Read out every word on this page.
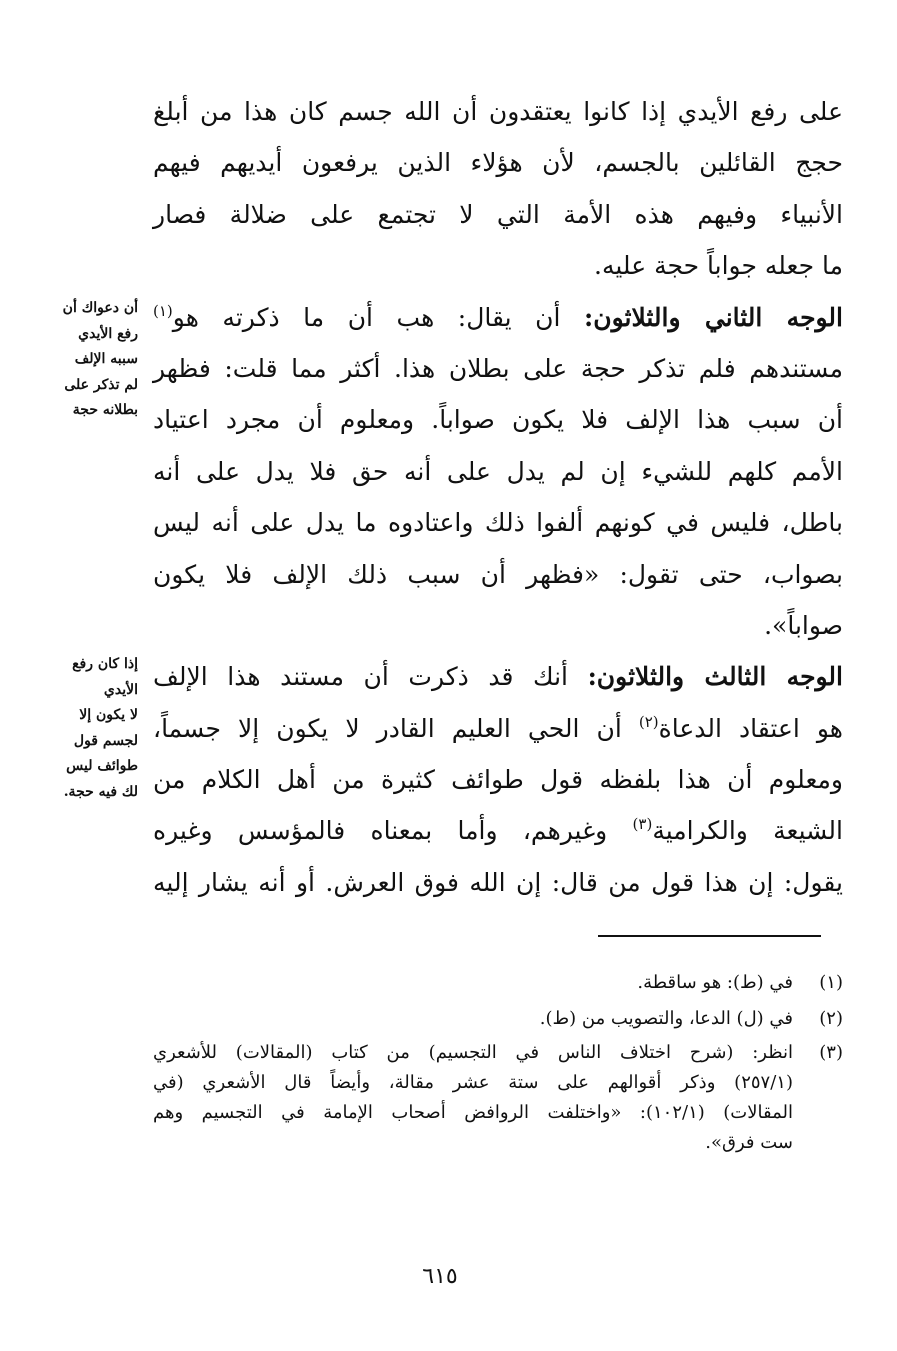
على رفع الأيدي إذا كانوا يعتقدون أن الله جسم كان هذا من أبلغ
حجج القائلين بالجسم، لأن هؤلاء الذين يرفعون أيديهم فيهم
الأنبياء وفيهم هذه الأمة التي لا تجتمع على ضلالة فصار
ما جعله جواباً حجة عليه.
الوجه الثاني والثلاثون: أن يقال: هب أن ما ذكرته هو$^{(١)}$
مستندهم فلم تذكر حجة على بطلان هذا. أكثر مما قلت: فظهر
أن سبب هذا الإلف فلا يكون صواباً. ومعلوم أن مجرد اعتياد
الأمم كلهم للشيء إن لم يدل على أنه حق فلا يدل على أنه
باطل، فليس في كونهم ألفوا ذلك واعتادوه ما يدل على أنه ليس
بصواب، حتى تقول: «فظهر أن سبب ذلك الإلف فلا يكون
صواباً».
الوجه الثالث والثلاثون: أنك قد ذكرت أن مستند هذا الإلف
هو اعتقاد الدعاة$^{(٢)}$ أن الحي العليم القادر لا يكون إلا جسماً،
ومعلوم أن هذا بلفظه قول طوائف كثيرة من أهل الكلام من
الشيعة والكرامية$^{(٣)}$ وغيرهم، وأما بمعناه فالمؤسس وغيره
يقول: إن هذا قول من قال: إن الله فوق العرش. أو أنه يشار إليه
أن دعواك أن
رفع الأيدي
سببه الإلف
لم تذكر على
بطلانه حجة
إذا كان رفع
الأيدي
لا يكون إلا
لجسم قول
طوائف ليس
لك فيه حجة.
(١)
في (ط): هو ساقطة.
(٢)
في (ل) الدعا، والتصويب من (ط).
(٣)
انظر: (شرح اختلاف الناس في التجسيم) من كتاب (المقالات) للأشعري
(٢٥٧/١) وذكر أقوالهم على ستة عشر مقالة، وأيضاً قال الأشعري (في
المقالات) (١٠٢/١): «واختلفت الروافض أصحاب الإمامة في التجسيم وهم
ست فرق».
٦١٥
